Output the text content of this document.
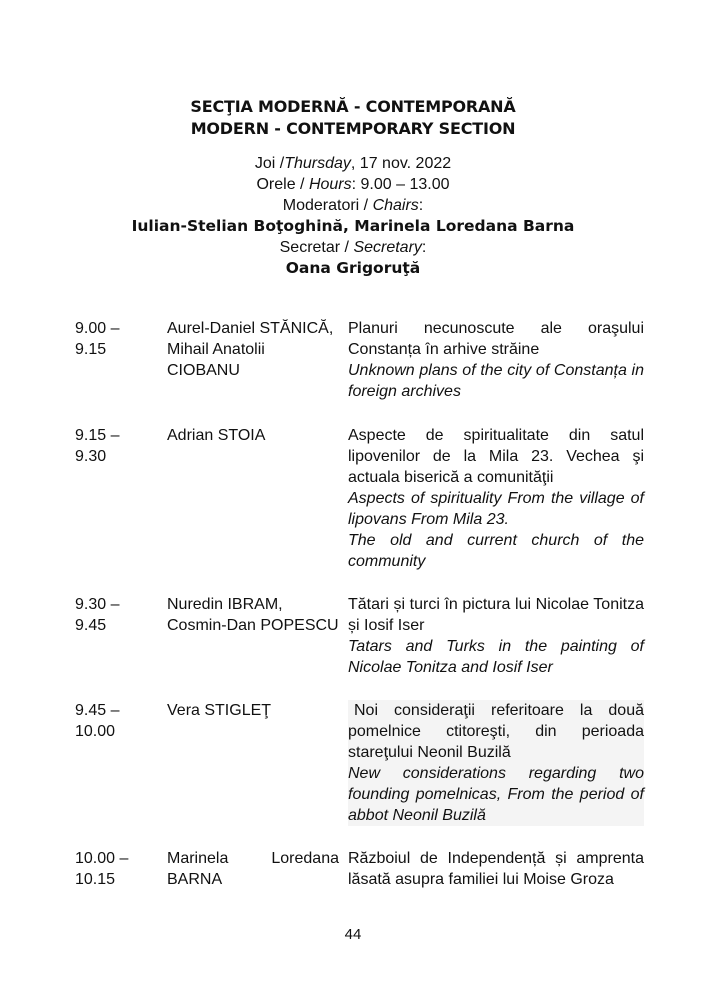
SECŢIA MODERNĂ - CONTEMPORANĂ
MODERN - CONTEMPORARY SECTION
Joi /Thursday, 17 nov. 2022
Orele / Hours: 9.00 – 13.00
Moderatori / Chairs:
Iulian-Stelian Boţoghină, Marinela Loredana Barna
Secretar / Secretary:
Oana Grigoruţă
9.00 –
9.15
Aurel-Daniel STĂNICĂ,
Mihail Anatolii
CIOBANU

Planuri necunoscute ale oraşului Constanța în arhive străine

Unknown plans of the city of Constanța in foreign archives

9.15 –
9.30
Adrian STOIA	Aspecte de spiritualitate din satul lipovenilor de la Mila 23. Vechea şi actuala biserică a comunităţii

Aspects of spirituality From the village of lipovans From Mila 23.

The old and current church of the community

9.30 –
9.45
Nuredin IBRAM,
Cosmin-Dan POPESCU

Tătari și turci în pictura lui Nicolae Tonitza și Iosif Iser

Tatars and Turks in the painting of Nicolae Tonitza and Iosif Iser

9.45 –
10.00
Vera STIGLEŢ	Noi consideraţii referitoare la două pomelnice ctitoreşti, din perioada stareţului Neonil Buzilă

New considerations regarding two founding pomelnicas, From the period of abbot Neonil Buzilă

10.00 –
10.15
Marinela Loredana
BARNA

Războiul de Independență și amprenta lăsată asupra familiei lui Moise Groza

44
